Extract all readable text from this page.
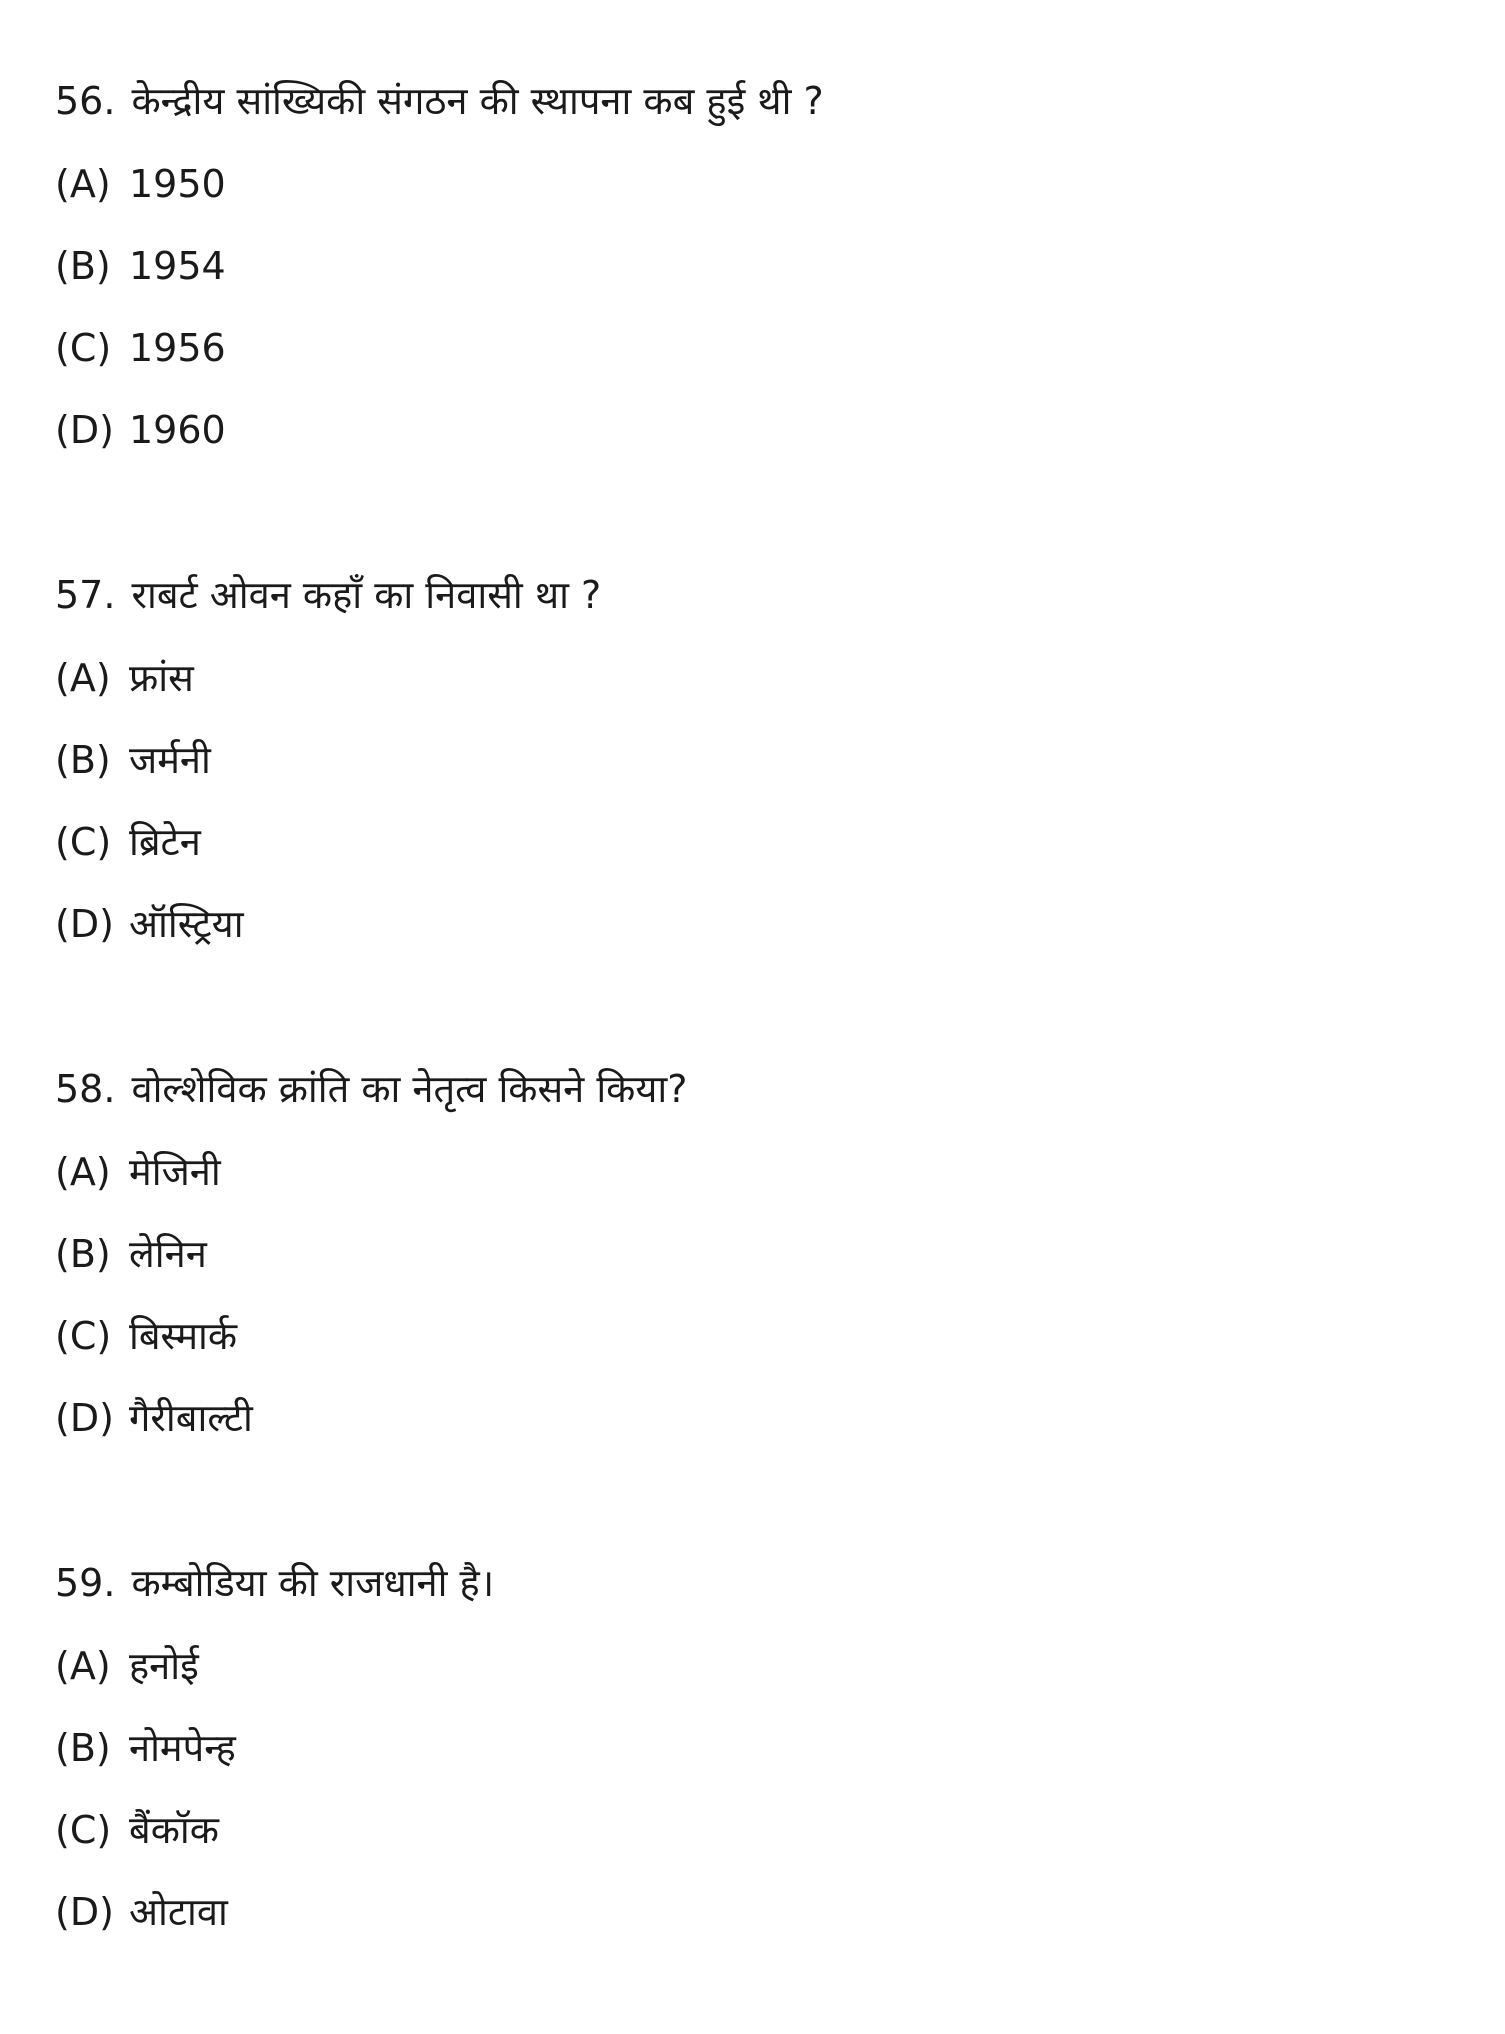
56. केन्द्रीय सांख्यिकी संगठन की स्थापना कब हुई थी ?
(A) 1950
(B) 1954
(C) 1956
(D) 1960
57. राबर्ट ओवन कहाँ का निवासी था ?
(A) फ्रांस
(B) जर्मनी
(C) ब्रिटेन
(D) ऑस्ट्रिया
58. वोल्शेविक क्रांति का नेतृत्व किसने किया?
(A) मेजिनी
(B) लेनिन
(C) बिस्मार्क
(D) गैरीबाल्टी
59. कम्बोडिया की राजधानी है।
(A) हनोई
(B) नोमपेन्ह
(C) बैंकॉक
(D) ओटावा
